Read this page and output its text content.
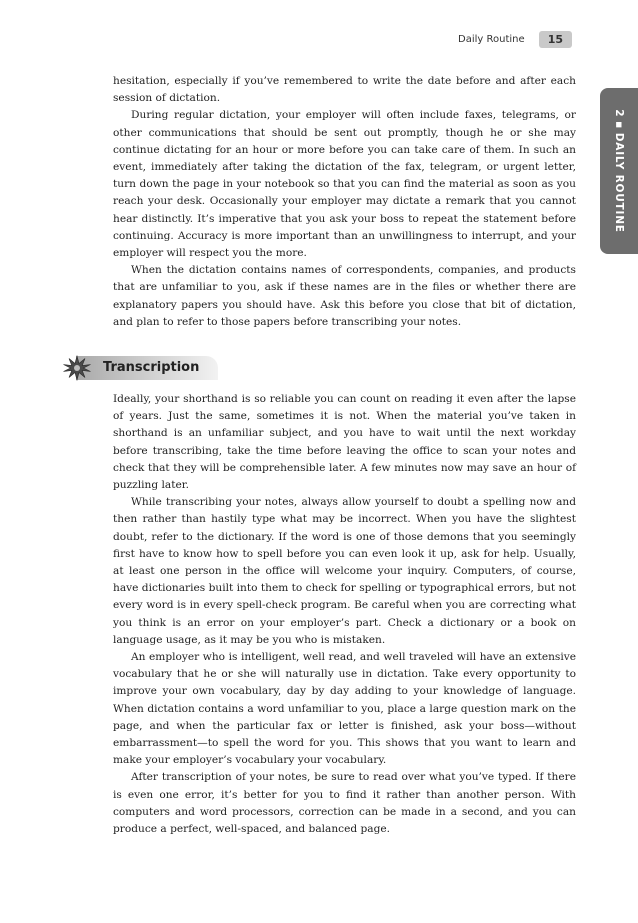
Daily Routine	15
2■DAILY ROUTINE

hesitation, especially if you’ve remembered to write the date before and after each session of dictation.

During regular dictation, your employer will often include faxes, telegrams, or other communications that should be sent out promptly, though he or she may continue dictating for an hour or more before you can take care of them. In such an event, immediately after taking the dictation of the fax, telegram, or urgent letter, turn down the page in your notebook so that you can find the material as soon as you reach your desk. Occasionally your employer may dictate a remark that you cannot hear distinctly. It’s imperative that you ask your boss to repeat the statement before continuing. Accuracy is more important than an unwillingness to interrupt, and your employer will respect you the more.

When the dictation contains names of correspondents, companies, and products that are unfamiliar to you, ask if these names are in the files or whether there are explanatory papers you should have. Ask this before you close that bit of dictation, and plan to refer to those papers before transcribing your notes.

Transcription

Ideally, your shorthand is so reliable you can count on reading it even after the lapse of years. Just the same, sometimes it is not. When the material you’ve taken in shorthand is an unfamiliar subject, and you have to wait until the next workday before transcribing, take the time before leaving the office to scan your notes and check that they will be comprehensible later. A few minutes now may save an hour of puzzling later.

While transcribing your notes, always allow yourself to doubt a spelling now and then rather than hastily type what may be incorrect. When you have the slightest doubt, refer to the dictionary. If the word is one of those demons that you seemingly first have to know how to spell before you can even look it up, ask for help. Usually, at least one person in the office will welcome your inquiry. Computers, of course, have dictionaries built into them to check for spelling or typographical errors, but not every word is in every spell-check program. Be careful when you are correcting what you think is an error on your employer’s part. Check a dictionary or a book on language usage, as it may be you who is mistaken.

An employer who is intelligent, well read, and well traveled will have an extensive vocabulary that he or she will naturally use in dictation. Take every opportunity to improve your own vocabulary, day by day adding to your knowledge of language. When dictation contains a word unfamiliar to you, place a large question mark on the page, and when the particular fax or letter is finished, ask your boss—without embarrassment—to spell the word for you. This shows that you want to learn and make your employer’s vocabulary your vocabulary.

After transcription of your notes, be sure to read over what you’ve typed. If there is even one error, it’s better for you to find it rather than another person. With computers and word processors, correction can be made in a second, and you can produce a perfect, well-spaced, and balanced page.
